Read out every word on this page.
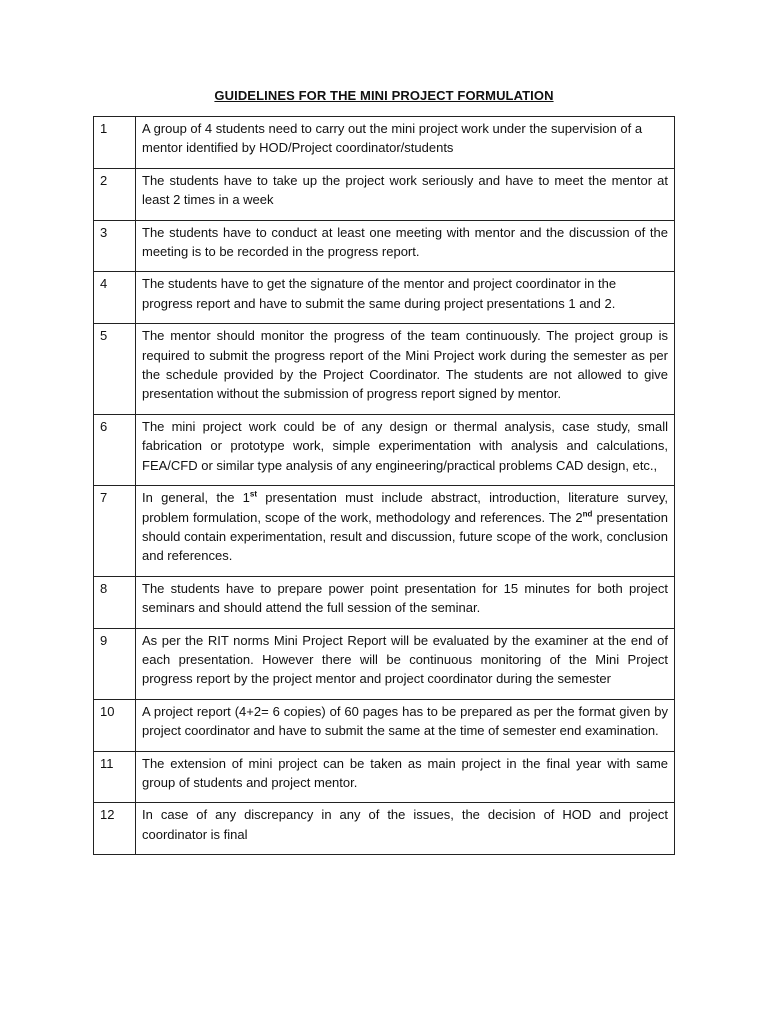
GUIDELINES FOR THE MINI PROJECT FORMULATION
1	A group of 4 students need to carry out the mini project work under the supervision of a mentor identified by HOD/Project coordinator/students
2	The students have to take up the project work seriously and have to meet the mentor at least 2 times in a week
3	The students have to conduct at least one meeting with mentor and the discussion of the meeting is to be recorded in the progress report.
4	The students have to get the signature of the mentor and project coordinator in the progress report and have to submit the same during project presentations 1 and 2.
5	The mentor should monitor the progress of the team continuously. The project group is required to submit the progress report of the Mini Project work during the semester as per the schedule provided by the Project Coordinator. The students are not allowed to give presentation without the submission of progress report signed by mentor.
6	The mini project work could be of any design or thermal analysis, case study, small fabrication or prototype work, simple experimentation with analysis and calculations, FEA/CFD or similar type analysis of any engineering/practical problems CAD design, etc.,
7	In general, the 1st presentation must include abstract, introduction, literature survey, problem formulation, scope of the work, methodology and references. The 2nd presentation should contain experimentation, result and discussion, future scope of the work, conclusion and references.
8	The students have to prepare power point presentation for 15 minutes for both project seminars and should attend the full session of the seminar.
9	As per the RIT norms Mini Project Report will be evaluated by the examiner at the end of each presentation. However there will be continuous monitoring of the Mini Project progress report by the project mentor and project coordinator during the semester
10	A project report (4+2= 6 copies) of 60 pages has to be prepared as per the format given by project coordinator and have to submit the same at the time of semester end examination.
11	The extension of mini project can be taken as main project in the final year with same group of students and project mentor.
12	In case of any discrepancy in any of the issues, the decision of HOD and project coordinator is final
